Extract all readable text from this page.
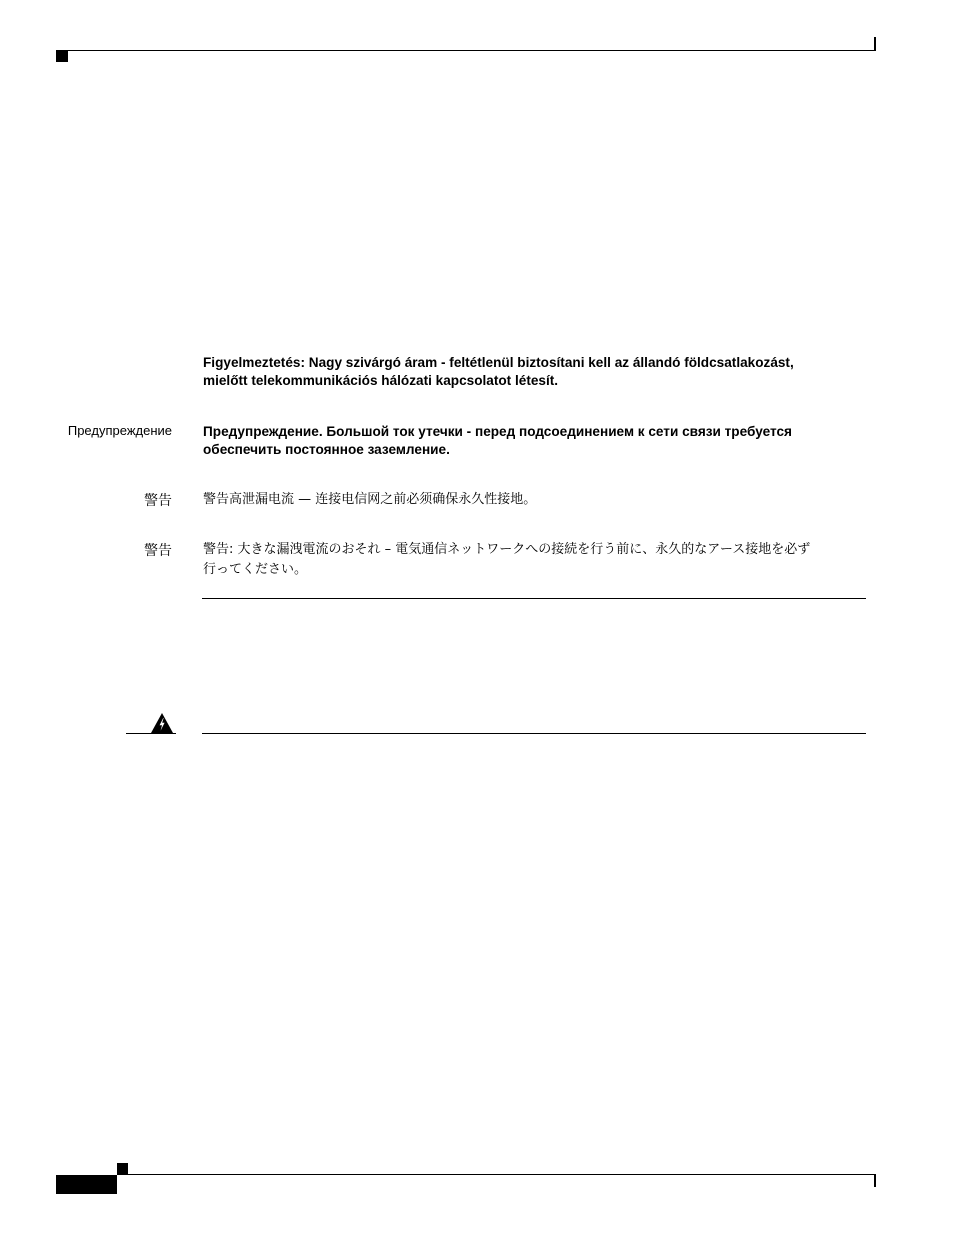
Figyelmeztetés: Nagy szivárgó áram - feltétlenül biztosítani kell az állandó földcsatlakozást,
mielőtt telekommunikációs hálózati kapcsolatot létesít.
Предупреждение Предупреждение. Большой ток утечки - перед подсоединением к сети связи требуется
обеспечить постоянное заземление.
警告 警告高泄漏电流 — 连接电信网之前必须确保永久性接地。
警告 警告: 大きな漏洩電流のおそれ – 電気通信ネットワークへの接続を行う前に、永久的なアース接地を必ず
行ってください。
